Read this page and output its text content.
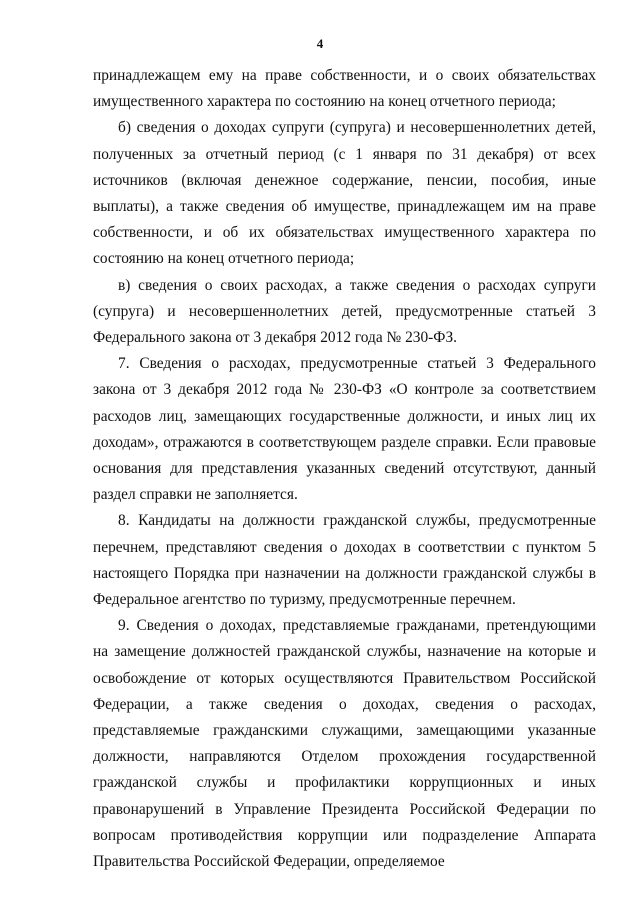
4

принадлежащем ему на праве собственности, и о своих обязательствах имущественного характера по состоянию на конец отчетного периода;

б) сведения о доходах супруги (супруга) и несовершеннолетних детей, полученных за отчетный период (с 1 января по 31 декабря) от всех источников (включая денежное содержание, пенсии, пособия, иные выплаты), а также сведения об имуществе, принадлежащем им на праве собственности, и об их обязательствах имущественного характера по состоянию на конец отчетного периода;

в) сведения о своих расходах, а также сведения о расходах супруги (супруга) и несовершеннолетних детей, предусмотренные статьей 3 Федерального закона от 3 декабря 2012 года № 230-ФЗ.

7. Сведения о расходах, предусмотренные статьей 3 Федерального закона от 3 декабря 2012 года № 230-ФЗ «О контроле за соответствием расходов лиц, замещающих государственные должности, и иных лиц их доходам», отражаются в соответствующем разделе справки. Если правовые основания для представления указанных сведений отсутствуют, данный раздел справки не заполняется.

8. Кандидаты на должности гражданской службы, предусмотренные перечнем, представляют сведения о доходах в соответствии с пунктом 5 настоящего Порядка при назначении на должности гражданской службы в Федеральное агентство по туризму, предусмотренные перечнем.

9. Сведения о доходах, представляемые гражданами, претендующими на замещение должностей гражданской службы, назначение на которые и освобождение от которых осуществляются Правительством Российской Федерации, а также сведения о доходах, сведения о расходах, представляемые гражданскими служащими, замещающими указанные должности, направляются Отделом прохождения государственной гражданской службы и профилактики коррупционных и иных правонарушений в Управление Президента Российской Федерации по вопросам противодействия коррупции или подразделение Аппарата Правительства Российской Федерации, определяемое
